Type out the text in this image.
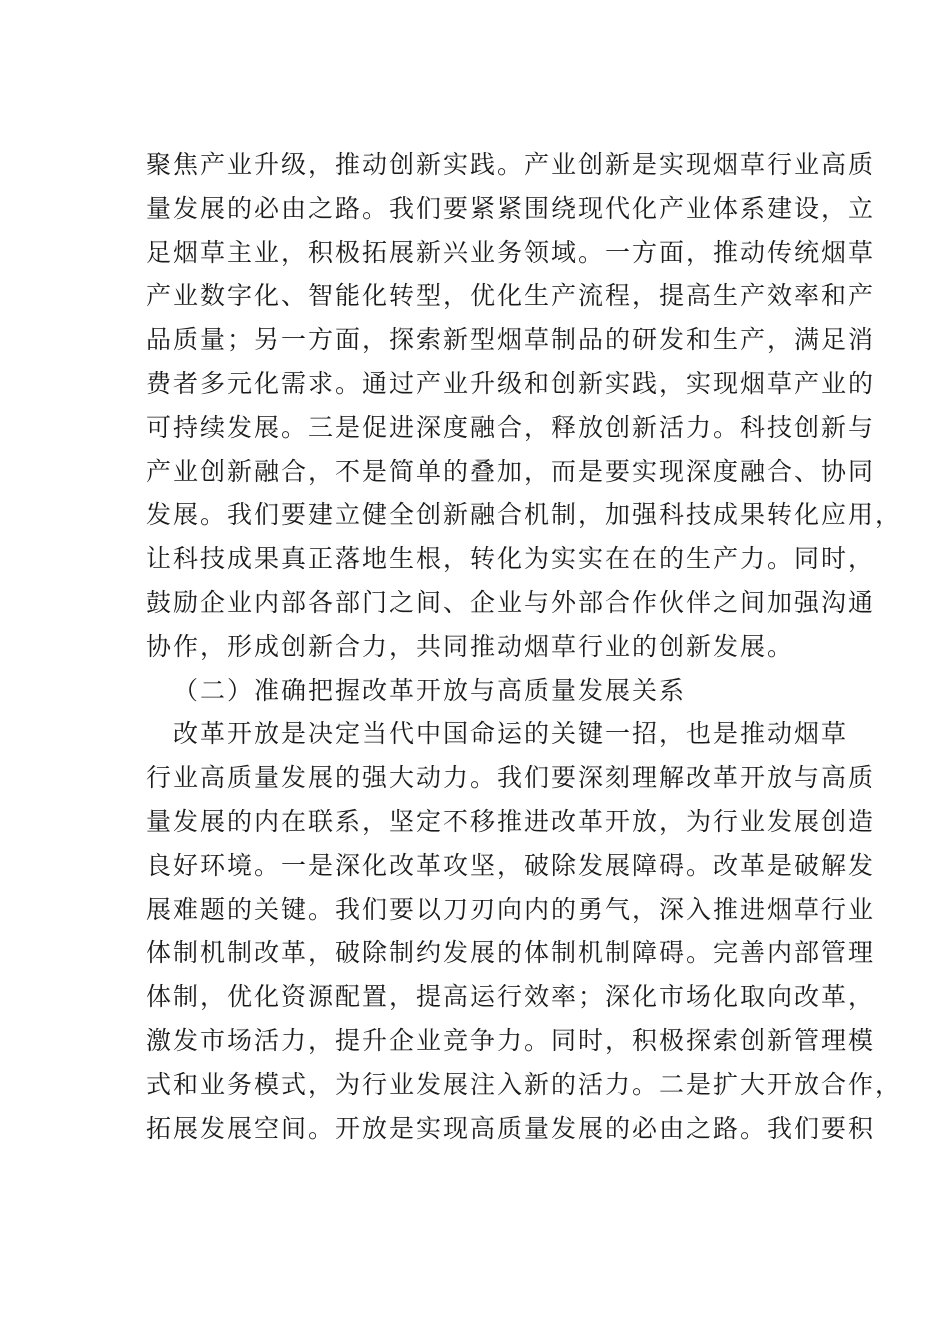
聚焦产业升级，推动创新实践。产业创新是实现烟草行业高质
量发展的必由之路。我们要紧紧围绕现代化产业体系建设，立
足烟草主业，积极拓展新兴业务领域。一方面，推动传统烟草
产业数字化、智能化转型，优化生产流程，提高生产效率和产
品质量；另一方面，探索新型烟草制品的研发和生产，满足消
费者多元化需求。通过产业升级和创新实践，实现烟草产业的
可持续发展。三是促进深度融合，释放创新活力。科技创新与
产业创新融合，不是简单的叠加，而是要实现深度融合、协同
发展。我们要建立健全创新融合机制，加强科技成果转化应用，
让科技成果真正落地生根，转化为实实在在的生产力。同时，
鼓励企业内部各部门之间、企业与外部合作伙伴之间加强沟通
协作，形成创新合力，共同推动烟草行业的创新发展。
（二）准确把握改革开放与高质量发展关系
改革开放是决定当代中国命运的关键一招，也是推动烟草
行业高质量发展的强大动力。我们要深刻理解改革开放与高质
量发展的内在联系，坚定不移推进改革开放，为行业发展创造
良好环境。一是深化改革攻坚，破除发展障碍。改革是破解发
展难题的关键。我们要以刀刃向内的勇气，深入推进烟草行业
体制机制改革，破除制约发展的体制机制障碍。完善内部管理
体制，优化资源配置，提高运行效率；深化市场化取向改革，
激发市场活力，提升企业竞争力。同时，积极探索创新管理模
式和业务模式，为行业发展注入新的活力。二是扩大开放合作，
拓展发展空间。开放是实现高质量发展的必由之路。我们要积
